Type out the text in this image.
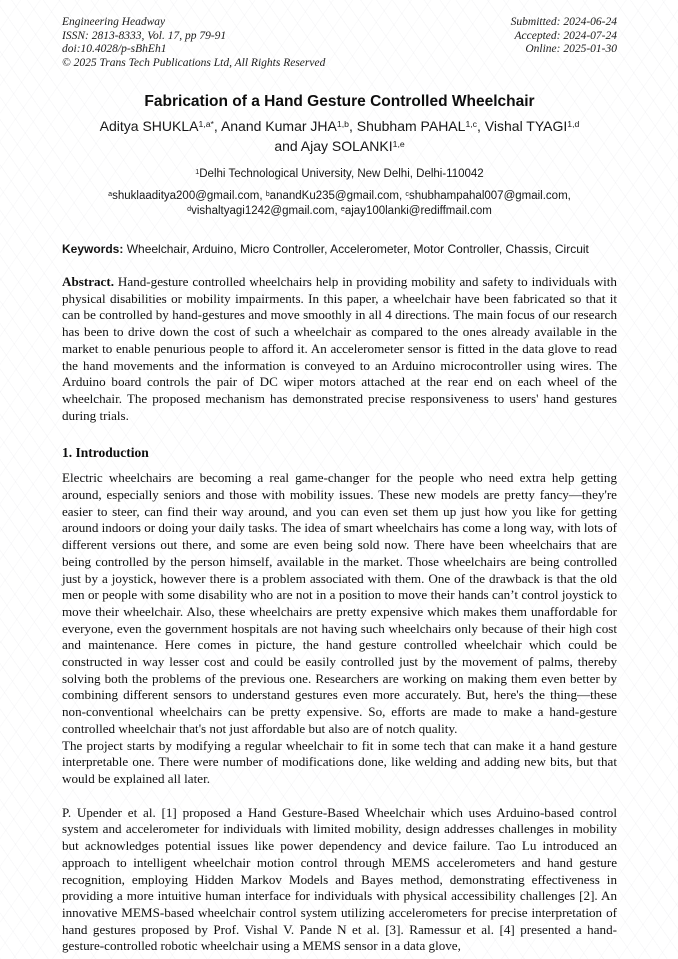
Engineering Headway
ISSN: 2813-8333, Vol. 17, pp 79-91
doi:10.4028/p-sBhEh1
© 2025 Trans Tech Publications Ltd, All Rights Reserved
Submitted: 2024-06-24
Accepted: 2024-07-24
Online: 2025-01-30
Fabrication of a Hand Gesture Controlled Wheelchair
Aditya $SHUKLA^{1,a*}$, Anand Kumar JHA$^{1,b}$, Shubham PAHAL$^{1,c}$, Vishal TYAGI$^{1,d}$
and Ajay SOLANKI$^{1,e}$
$^1$Delhi Technological University, New Delhi, Delhi-110042
$^a$shuklaaditya200@gmail.com, $^b$anandKu235@gmail.com, $^c$shubhampahal007@gmail.com,
$^d$vishaltyagi1242@gmail.com, $^e$ajay100lanki@rediffmail.com
Keywords: Wheelchair, Arduino, Micro Controller, Accelerometer, Motor Controller, Chassis, Circuit
Abstract. Hand-gesture controlled wheelchairs help in providing mobility and safety to individuals with physical disabilities or mobility impairments. In this paper, a wheelchair have been fabricated so that it can be controlled by hand-gestures and move smoothly in all 4 directions. The main focus of our research has been to drive down the cost of such a wheelchair as compared to the ones already available in the market to enable penurious people to afford it. An accelerometer sensor is fitted in the data glove to read the hand movements and the information is conveyed to an Arduino microcontroller using wires. The Arduino board controls the pair of DC wiper motors attached at the rear end on each wheel of the wheelchair. The proposed mechanism has demonstrated precise responsiveness to users' hand gestures during trials.
1. Introduction
Electric wheelchairs are becoming a real game-changer for the people who need extra help getting around, especially seniors and those with mobility issues. These new models are pretty fancy—they're easier to steer, can find their way around, and you can even set them up just how you like for getting around indoors or doing your daily tasks. The idea of smart wheelchairs has come a long way, with lots of different versions out there, and some are even being sold now. There have been wheelchairs that are being controlled by the person himself, available in the market. Those wheelchairs are being controlled just by a joystick, however there is a problem associated with them. One of the drawback is that the old men or people with some disability who are not in a position to move their hands can’t control joystick to move their wheelchair. Also, these wheelchairs are pretty expensive which makes them unaffordable for everyone, even the government hospitals are not having such wheelchairs only because of their high cost and maintenance. Here comes in picture, the hand gesture controlled wheelchair which could be constructed in way lesser cost and could be easily controlled just by the movement of palms, thereby solving both the problems of the previous one. Researchers are working on making them even better by combining different sensors to understand gestures even more accurately. But, here's the thing—these non-conventional wheelchairs can be pretty expensive. So, efforts are made to make a hand-gesture controlled wheelchair that's not just affordable but also are of notch quality.
The project starts by modifying a regular wheelchair to fit in some tech that can make it a hand gesture interpretable one. There were number of modifications done, like welding and adding new bits, but that would be explained all later.
P. Upender et al. [1] proposed a Hand Gesture-Based Wheelchair which uses Arduino-based control system and accelerometer for individuals with limited mobility, design addresses challenges in mobility but acknowledges potential issues like power dependency and device failure. Tao Lu introduced an approach to intelligent wheelchair motion control through MEMS accelerometers and hand gesture recognition, employing Hidden Markov Models and Bayes method, demonstrating effectiveness in providing a more intuitive human interface for individuals with physical accessibility challenges [2]. An innovative MEMS-based wheelchair control system utilizing accelerometers for precise interpretation of hand gestures proposed by Prof. Vishal V. Pande N et al. [3]. Ramessur et al. [4] presented a hand-gesture-controlled robotic wheelchair using a MEMS sensor in a data glove,
